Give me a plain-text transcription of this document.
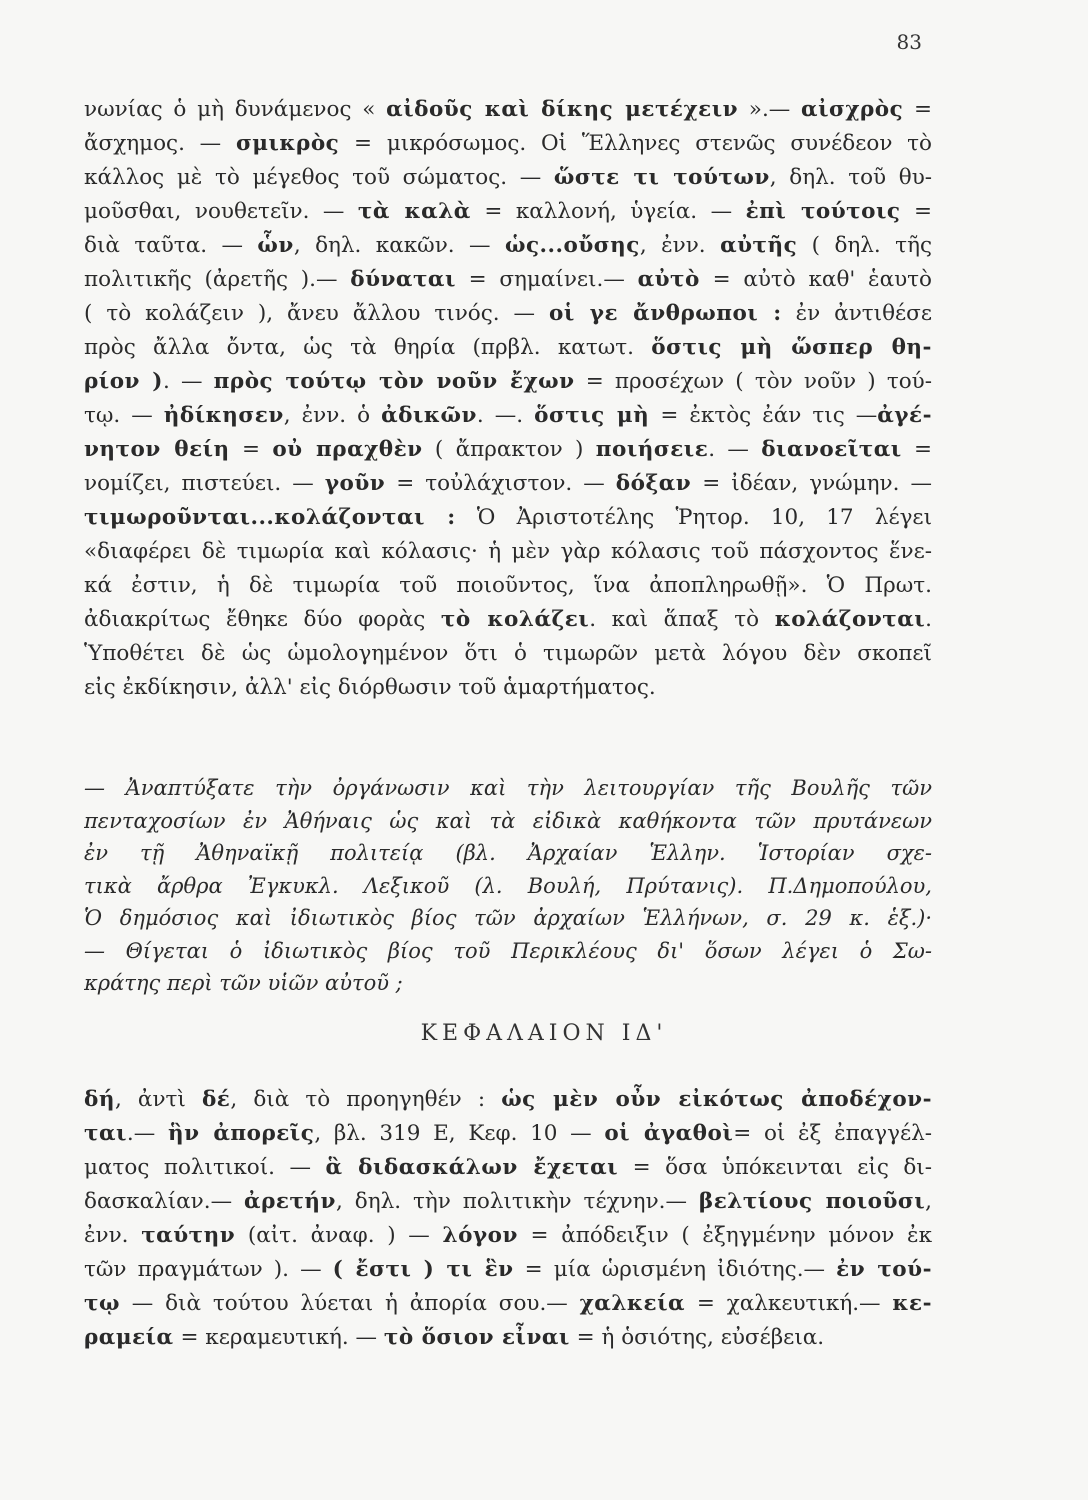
83
νωνίας ὁ μὴ δυνάμενος « αἰδοῦς καὶ δίκης μετέχειν ».— αἰσχρὸς =
ἄσχημος. — σμικρὸς = μικρόσωμος. Οἱ Ἕλληνες στενῶς συνέδεον τὸ
κάλλος μὲ τὸ μέγεθος τοῦ σώματος. — ὥστε τι τούτων, δηλ. τοῦ θυ-
μοῦσθαι, νουθετεῖν. — τὰ καλὰ = καλλονή, ὑγεία. — ἐπὶ τούτοις =
διὰ ταῦτα. — ὧν, δηλ. κακῶν. — ὡς...οὔσης, ἐνν. αὐτῆς ( δηλ. τῆς
πολιτικῆς (ἀρετῆς ).— δύναται = σημαίνει.— αὐτὸ = αὐτὸ καθ' ἑαυτὸ
( τὸ κολάζειν ), ἄνευ ἄλλου τινός. — οἱ γε ἄνθρωποι : ἐν ἀντιθέσε
πρὸς ἄλλα ὄντα, ὡς τὰ θηρία (πρβλ. κατωτ. ὅστις μὴ ὥσπερ θη-
ρίον ). — πρὸς τούτῳ τὸν νοῦν ἔχων = προσέχων ( τὸν νοῦν ) τού-
τῳ. — ἠδίκησεν, ἐνν. ὁ ἀδικῶν. —. ὅστις μὴ = ἐκτὸς ἐάν τις —ἀγέ-
νητον θείη = οὐ πραχθὲν ( ἄπρακτον ) ποιήσειε. — διανοεῖται =
νομίζει, πιστεύει. — γοῦν = τοὐλάχιστον. — δόξαν = ἰδέαν, γνώμην. —
τιμωροῦνται...κολάζονται : Ὁ Ἀριστοτέλης Ῥητορ. 10, 17 λέγει
«διαφέρει δὲ τιμωρία καὶ κόλασις· ἡ μὲν γὰρ κόλασις τοῦ πάσχοντος ἕνε-
κά ἐστιν, ἡ δὲ τιμωρία τοῦ ποιοῦντος, ἵνα ἀποπληρωθῇ». Ὁ Πρωτ.
ἀδιακρίτως ἔθηκε δύο φορὰς τὸ κολάζει. καὶ ἅπαξ τὸ κολάζονται.
Ὑποθέτει δὲ ὡς ὡμολογημένον ὅτι ὁ τιμωρῶν μετὰ λόγου δὲν σκοπεῖ
εἰς ἐκδίκησιν, ἀλλ' εἰς διόρθωσιν τοῦ ἁμαρτήματος.
— Ἀναπτύξατε τὴν ὀργάνωσιν καὶ τὴν λειτουργίαν τῆς Βουλῆς τῶν
πενταχοσίων ἐν Ἀθήναις ὡς καὶ τὰ εἰδικὰ καθήκοντα τῶν πρυτάνεων
ἐν τῇ Ἀθηναϊκῇ πολιτείᾳ (βλ. Ἀρχαίαν Ἑλλην. Ἱστορίαν σχε-
τικὰ ἄρθρα Ἐγκυκλ. Λεξικοῦ (λ. Βουλή, Πρύτανις). Π.Δημοπούλου,
Ὁ δημόσιος καὶ ἰδιωτικὸς βίος τῶν ἀρχαίων Ἑλλήνων, σ. 29 κ. ἑξ.)·
— Θίγεται ὁ ἰδιωτικὸς βίος τοῦ Περικλέους δι' ὅσων λέγει ὁ Σω-
κράτης περὶ τῶν υἱῶν αὐτοῦ ;
ΚΕΦΑΛΑΙΟΝ ΙΔ'
δή, ἀντὶ δέ, διὰ τὸ προηγηθέν : ὡς μὲν οὖν εἰκότως ἀποδέχον-
ται.— ἣν ἀπορεῖς, βλ. 319 Ε, Κεφ. 10 — οἱ ἀγαθοὶ= οἱ ἐξ ἐπαγγέλ-
ματος πολιτικοί. — ἃ διδασκάλων ἔχεται = ὅσα ὑπόκεινται εἰς δι-
δασκαλίαν.— ἀρετήν, δηλ. τὴν πολιτικὴν τέχνην.— βελτίους ποιοῦσι,
ἐνν. ταύτην (αἰτ. ἀναφ. ) — λόγον = ἀπόδειξιν ( ἐξηγμένην μόνον ἐκ
τῶν πραγμάτων ). — ( ἔστι ) τι ἓν = μία ὡρισμένη ἰδιότης.— ἐν τού-
τῳ — διὰ τούτου λύεται ἡ ἀπορία σου.— χαλκεία = χαλκευτική.— κε-
ραμεία = κεραμευτική. — τὸ ὅσιον εἶναι = ἡ ὁσιότης, εὐσέβεια.
